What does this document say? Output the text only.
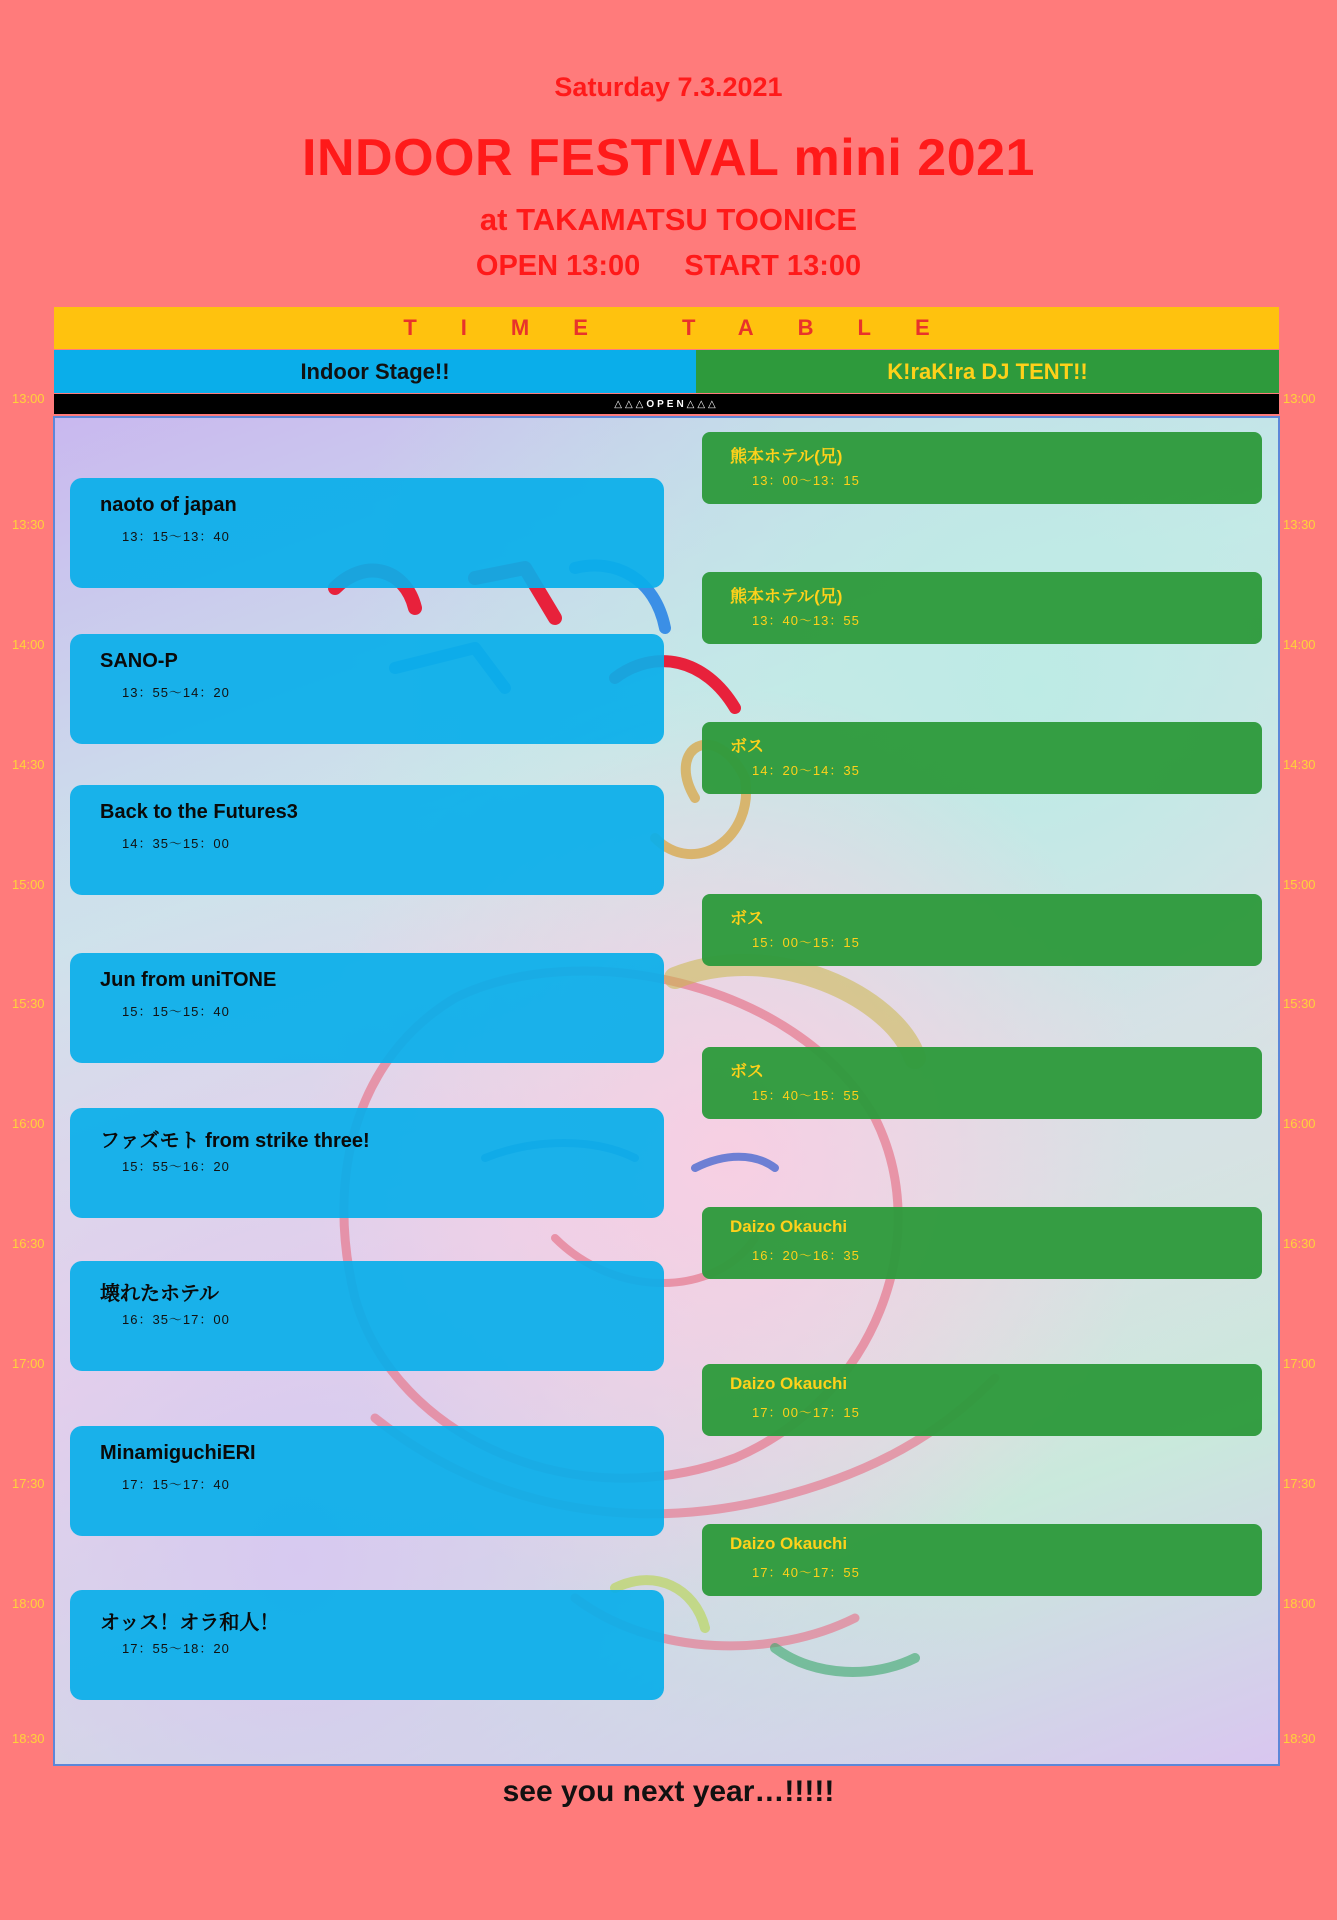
Saturday 7.3.2021
INDOOR FESTIVAL mini 2021
at TAKAMATSU TOONICE
OPEN 13:00 START 13:00
TIME TABLE
Indoor Stage!!	K!raK!ra DJ TENT!!
△△△OPEN△△△
13:00	13:00
13:30	13:30
14:00	14:00
14:30	14:30
15:00	15:00
15:30	15:30
16:00	16:00
16:30	16:30
17:00	17:00
17:30	17:30
18:00	18:00
18:30	18:30
naoto of japan
13：15〜13：40
SANO-P
13：55〜14：20
Back to the Futures3
14：35〜15：00
Jun from uniTONE
15：15〜15：40
ファズモト from strike three!
15：55〜16：20
壊れたホテル
16：35〜17：00
MinamiguchiERI
17：15〜17：40
オッス！オラ和人！
17：55〜18：20
熊本ホテル(兄)
13：00〜13：15
熊本ホテル(兄)
13：40〜13：55
ボス
14：20〜14：35
ボス
15：00〜15：15
ボス
15：40〜15：55
Daizo Okauchi
16：20〜16：35
Daizo Okauchi
17：00〜17：15
Daizo Okauchi
17：40〜17：55
see you next year…!!!!!
